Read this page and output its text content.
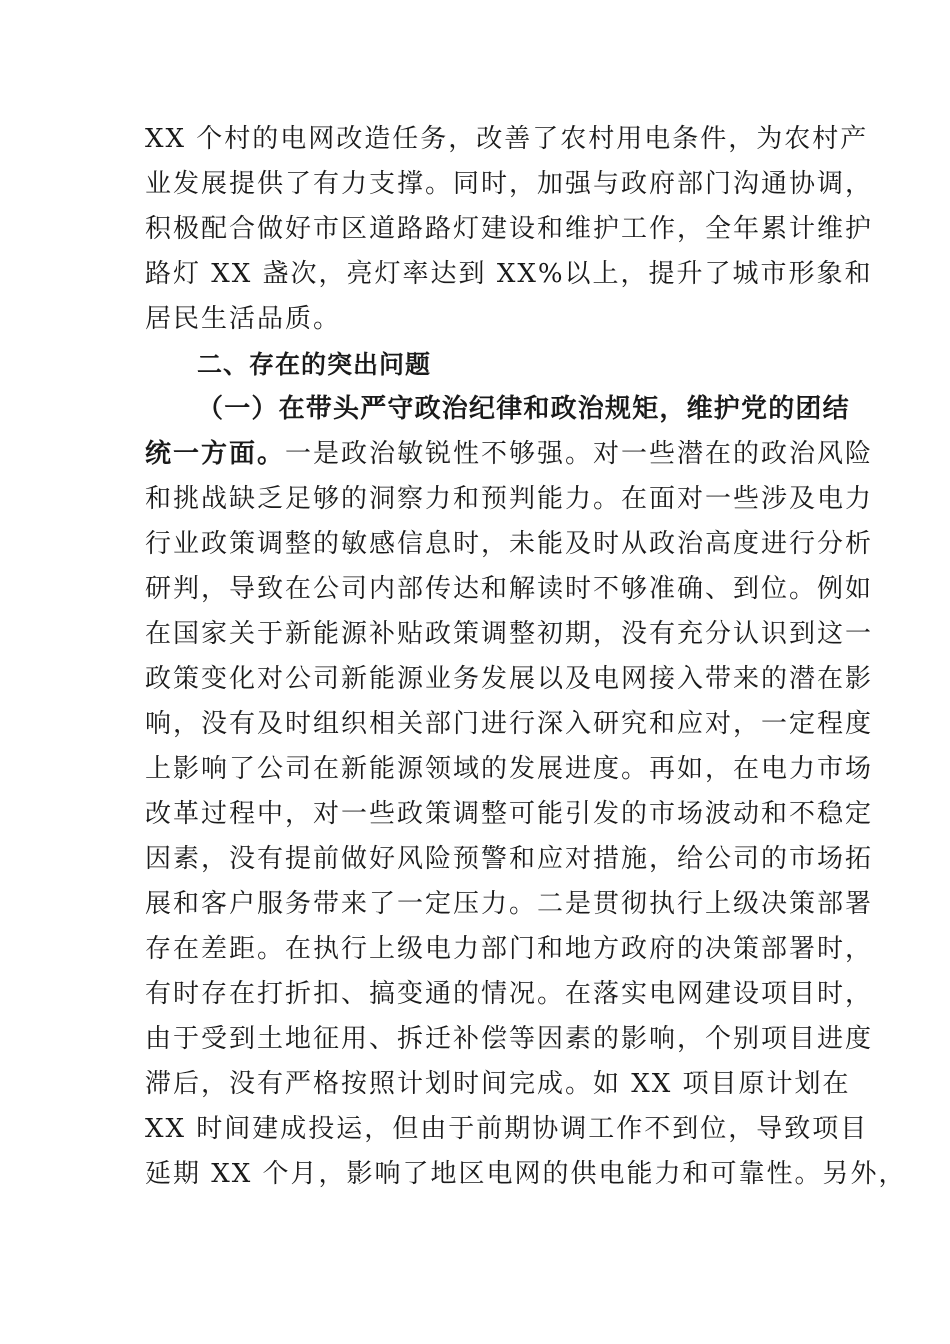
XX 个村的电网改造任务，改善了农村用电条件，为农村产
业发展提供了有力支撑。同时，加强与政府部门沟通协调，
积极配合做好市区道路路灯建设和维护工作，全年累计维护
路灯 XX 盏次，亮灯率达到 XX%以上，提升了城市形象和
居民生活品质。
二、存在的突出问题
（一）在带头严守政治纪律和政治规矩，维护党的团结
统一方面。一是政治敏锐性不够强。对一些潜在的政治风险
和挑战缺乏足够的洞察力和预判能力。在面对一些涉及电力
行业政策调整的敏感信息时，未能及时从政治高度进行分析
研判，导致在公司内部传达和解读时不够准确、到位。例如
在国家关于新能源补贴政策调整初期，没有充分认识到这一
政策变化对公司新能源业务发展以及电网接入带来的潜在影
响，没有及时组织相关部门进行深入研究和应对，一定程度
上影响了公司在新能源领域的发展进度。再如，在电力市场
改革过程中，对一些政策调整可能引发的市场波动和不稳定
因素，没有提前做好风险预警和应对措施，给公司的市场拓
展和客户服务带来了一定压力。二是贯彻执行上级决策部署
存在差距。在执行上级电力部门和地方政府的决策部署时，
有时存在打折扣、搞变通的情况。在落实电网建设项目时，
由于受到土地征用、拆迁补偿等因素的影响，个别项目进度
滞后，没有严格按照计划时间完成。如 XX 项目原计划在
XX 时间建成投运，但由于前期协调工作不到位，导致项目
延期 XX 个月，影响了地区电网的供电能力和可靠性。另外，
